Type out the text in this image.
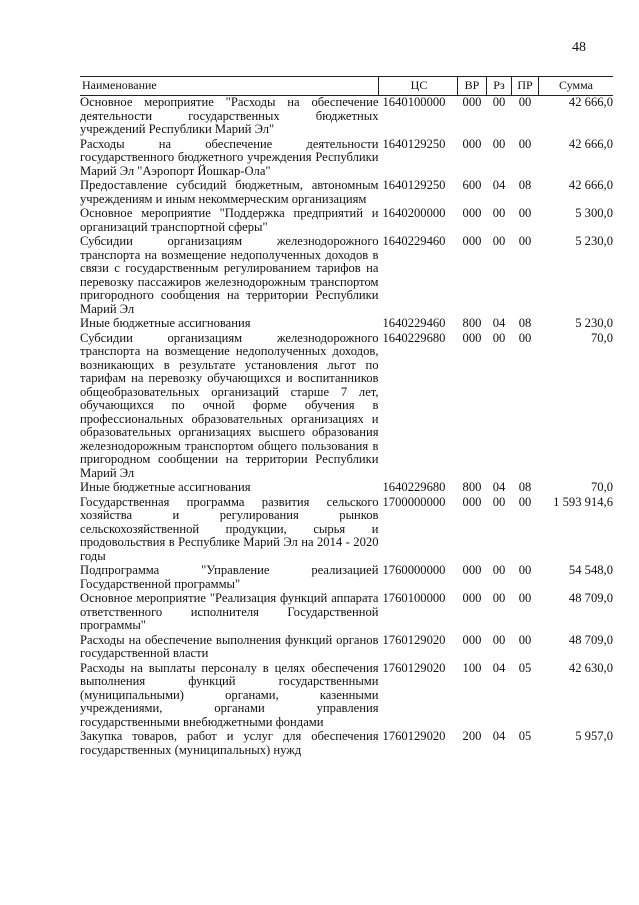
48
Наименование	ЦС	ВР	Рз	ПР	Сумма
Основное мероприятие "Расходы на обеспечение деятельности государственных бюджетных учреждений Республики Марий Эл"	1640100000	000	00	00	42 666,0
Расходы на обеспечение деятельности государственного бюджетного учреждения Республики Марий Эл "Аэропорт Йошкар-Ола"	1640129250	000	00	00	42 666,0
Предоставление субсидий бюджетным, автономным учреждениям и иным некоммерческим организациям	1640129250	600	04	08	42 666,0
Основное мероприятие "Поддержка предприятий и организаций транспортной сферы"	1640200000	000	00	00	5 300,0
Субсидии организациям железнодорожного транспорта на возмещение недополученных доходов в связи с государственным регулированием тарифов на перевозку пассажиров железнодорожным транспортом пригородного сообщения на территории Республики Марий Эл	1640229460	000	00	00	5 230,0
Иные бюджетные ассигнования	1640229460	800	04	08	5 230,0
Субсидии организациям железнодорожного транспорта на возмещение недополученных доходов, возникающих в результате установления льгот по тарифам на перевозку обучающихся и воспитанников общеобразовательных организаций старше 7 лет, обучающихся по очной форме обучения в профессиональных образовательных организациях и образовательных организациях высшего образования железнодорожным транспортом общего пользования в пригородном сообщении на территории Республики Марий Эл	1640229680	000	00	00	70,0
Иные бюджетные ассигнования	1640229680	800	04	08	70,0
Государственная программа развития сельского хозяйства и регулирования рынков сельскохозяйственной продукции, сырья и продовольствия в Республике Марий Эл на 2014 - 2020 годы	1700000000	000	00	00	1 593 914,6
Подпрограмма "Управление реализацией Государственной программы"	1760000000	000	00	00	54 548,0
Основное мероприятие "Реализация функций аппарата ответственного исполнителя Государственной программы"	1760100000	000	00	00	48 709,0
Расходы на обеспечение выполнения функций органов государственной власти	1760129020	000	00	00	48 709,0
Расходы на выплаты персоналу в целях обеспечения выполнения функций государственными (муниципальными) органами, казенными учреждениями, органами управления государственными внебюджетными фондами	1760129020	100	04	05	42 630,0
Закупка товаров, работ и услуг для обеспечения государственных (муниципальных) нужд	1760129020	200	04	05	5 957,0
